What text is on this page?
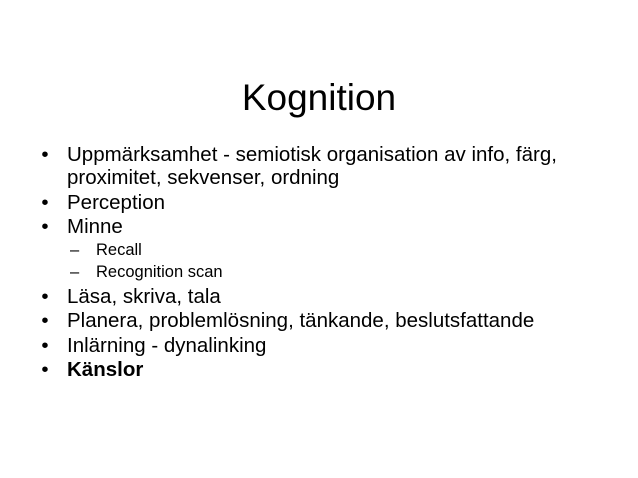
Kognition
• Uppmärksamhet - semiotisk organisation av info, färg, proximitet, sekvenser, ordning
• Perception
• Minne
– Recall
– Recognition scan
• Läsa, skriva, tala
• Planera, problemlösning, tänkande, beslutsfattande
• Inlärning - dynalinking
• Känslor
